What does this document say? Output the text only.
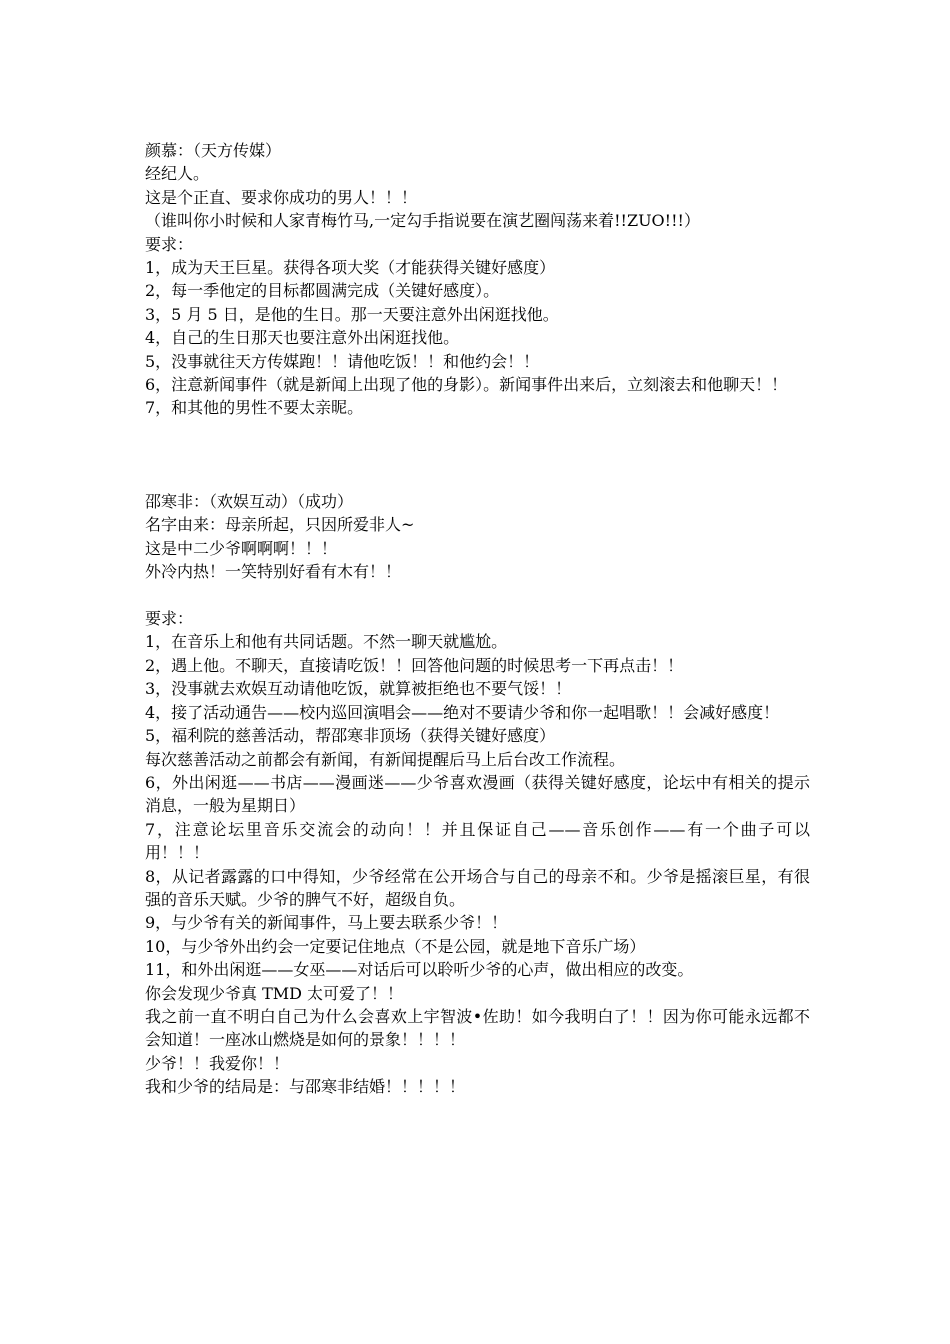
颜慕：（天方传媒）

经纪人。

这是个正直、要求你成功的男人！！！

（谁叫你小时候和人家青梅竹马,一定勾手指说要在演艺圈闯荡来着!!ZUO!!!）

要求：

1，成为天王巨星。获得各项大奖（才能获得关键好感度）

2，每一季他定的目标都圆满完成（关键好感度）。

3，5 月 5 日，是他的生日。那一天要注意外出闲逛找他。

4，自己的生日那天也要注意外出闲逛找他。

5，没事就往天方传媒跑！！请他吃饭！！和他约会！！

6，注意新闻事件（就是新闻上出现了他的身影）。新闻事件出来后，立刻滚去和他聊天！！

7，和其他的男性不要太亲昵。

邵寒非：（欢娱互动）（成功）

名字由来：母亲所起，只因所爱非人~

这是中二少爷啊啊啊！！！

外冷内热！一笑特别好看有木有！！

要求：

1，在音乐上和他有共同话题。不然一聊天就尴尬。

2，遇上他。不聊天，直接请吃饭！！回答他问题的时候思考一下再点击！！

3，没事就去欢娱互动请他吃饭，就算被拒绝也不要气馁！！

4，接了活动通告——校内巡回演唱会——绝对不要请少爷和你一起唱歌！！会减好感度！

5，福利院的慈善活动，帮邵寒非顶场（获得关键好感度）

每次慈善活动之前都会有新闻，有新闻提醒后马上后台改工作流程。

6，外出闲逛——书店——漫画迷——少爷喜欢漫画（获得关键好感度，论坛中有相关的提示消息，一般为星期日）

7，注意论坛里音乐交流会的动向！！并且保证自己——音乐创作——有一个曲子可以用！！！

8，从记者露露的口中得知，少爷经常在公开场合与自己的母亲不和。少爷是摇滚巨星，有很强的音乐天赋。少爷的脾气不好，超级自负。

9，与少爷有关的新闻事件，马上要去联系少爷！！

10，与少爷外出约会一定要记住地点（不是公园，就是地下音乐广场）

11，和外出闲逛——女巫——对话后可以聆听少爷的心声，做出相应的改变。

你会发现少爷真 TMD 太可爱了！！

我之前一直不明白自己为什么会喜欢上宇智波•佐助！如今我明白了！！因为你可能永远都不会知道！一座冰山燃烧是如何的景象！！！！

少爷！！我爱你！！

我和少爷的结局是：与邵寒非结婚！！！！！
